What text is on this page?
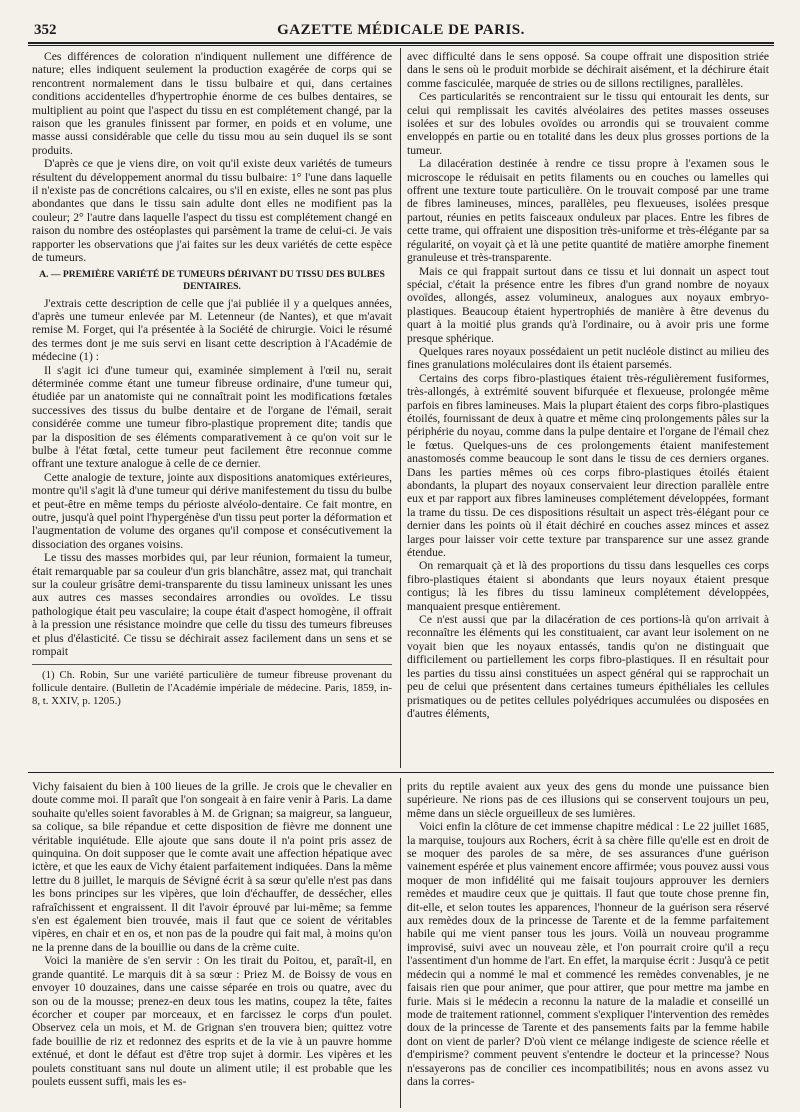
352	GAZETTE MÉDICALE DE PARIS.

Ces différences de coloration n'indiquent nullement une différence de nature; elles indiquent seulement la production exagérée de corps qui se rencontrent normalement dans le tissu bulbaire et qui, dans certaines conditions accidentelles d'hypertrophie énorme de ces bulbes dentaires, se multiplient au point que l'aspect du tissu en est complétement changé, par la raison que les granules finissent par former, en poids et en volume, une masse aussi considérable que celle du tissu mou au sein duquel ils se sont produits.

D'après ce que je viens dire, on voit qu'il existe deux variétés de tumeurs résultent du développement anormal du tissu bulbaire: 1° l'une dans laquelle il n'existe pas de concrétions calcaires, ou s'il en existe, elles ne sont pas plus abondantes que dans le tissu sain adulte dont elles ne modifient pas la couleur; 2° l'autre dans laquelle l'aspect du tissu est complétement changé en raison du nombre des ostéoplastes qui parsèment la trame de celui-ci. Je vais rapporter les observations que j'ai faites sur les deux variétés de cette espèce de tumeurs.

A. — PREMIÈRE VARIÉTÉ DE TUMEURS DÉRIVANT DU TISSU DES BULBES DENTAIRES.

J'extrais cette description de celle que j'ai publiée il y a quelques années, d'après une tumeur enlevée par M. Letenneur (de Nantes), et que m'avait remise M. Forget, qui l'a présentée à la Société de chirurgie. Voici le résumé des termes dont je me suis servi en lisant cette description à l'Académie de médecine (1) :

Il s'agit ici d'une tumeur qui, examinée simplement à l'œil nu, serait déterminée comme étant une tumeur fibreuse ordinaire, d'une tumeur qui, étudiée par un anatomiste qui ne connaîtrait point les modifications fœtales successives des tissus du bulbe dentaire et de l'organe de l'émail, serait considérée comme une tumeur fibro-plastique proprement dite; tandis que par la disposition de ses éléments comparativement à ce qu'on voit sur le bulbe à l'état fœtal, cette tumeur peut facilement être reconnue comme offrant une texture analogue à celle de ce dernier.

Cette analogie de texture, jointe aux dispositions anatomiques extérieures, montre qu'il s'agit là d'une tumeur qui dérive manifestement du tissu du bulbe et peut-être en même temps du périoste alvéolo-dentaire. Ce fait montre, en outre, jusqu'à quel point l'hypergénèse d'un tissu peut porter la déformation et l'augmentation de volume des organes qu'il compose et consécutivement la dissociation des organes voisins.

Le tissu des masses morbides qui, par leur réunion, formaient la tumeur, était remarquable par sa couleur d'un gris blanchâtre, assez mat, qui tranchait sur la couleur grisâtre demi-transparente du tissu lamineux unissant les unes aux autres ces masses secondaires arrondies ou ovoïdes. Le tissu pathologique était peu vasculaire; la coupe était d'aspect homogène, il offrait à la pression une résistance moindre que celle du tissu des tumeurs fibreuses et plus d'élasticité. Ce tissu se déchirait assez facilement dans un sens et se rompait

(1) Ch. Robin, Sur une variété particulière de tumeur fibreuse provenant du follicule dentaire. (Bulletin de l'Académie impériale de médecine. Paris, 1859, in-8, t. XXIV, p. 1205.)

avec difficulté dans le sens opposé. Sa coupe offrait une disposition striée dans le sens où le produit morbide se déchirait aisément, et la déchirure était comme fasciculée, marquée de stries ou de sillons rectilignes, parallèles.

Ces particularités se rencontraient sur le tissu qui entourait les dents, sur celui qui remplissait les cavités alvéolaires des petites masses osseuses isolées et sur des lobules ovoïdes ou arrondis qui se trouvaient comme enveloppés en partie ou en totalité dans les deux plus grosses portions de la tumeur.

La dilacération destinée à rendre ce tissu propre à l'examen sous le microscope le réduisait en petits filaments ou en couches ou lamelles qui offrent une texture toute particulière. On le trouvait composé par une trame de fibres lamineuses, minces, parallèles, peu flexueuses, isolées presque partout, réunies en petits faisceaux onduleux par places. Entre les fibres de cette trame, qui offraient une disposition très-uniforme et très-élégante par sa régularité, on voyait çà et là une petite quantité de matière amorphe finement granuleuse et très-transparente.

Mais ce qui frappait surtout dans ce tissu et lui donnait un aspect tout spécial, c'était la présence entre les fibres d'un grand nombre de noyaux ovoïdes, allongés, assez volumineux, analogues aux noyaux embryo-plastiques. Beaucoup étaient hypertrophiés de manière à être devenus du quart à la moitié plus grands qu'à l'ordinaire, ou à avoir pris une forme presque sphérique.

Quelques rares noyaux possédaient un petit nucléole distinct au milieu des fines granulations moléculaires dont ils étaient parsemés.

Certains des corps fibro-plastiques étaient très-régulièrement fusiformes, très-allongés, à extrémité souvent bifurquée et flexueuse, prolongée même parfois en fibres lamineuses. Mais la plupart étaient des corps fibro-plastiques étoilés, fournissant de deux à quatre et même cinq prolongements pâles sur la périphérie du noyau, comme dans la pulpe dentaire et l'organe de l'émail chez le fœtus. Quelques-uns de ces prolongements étaient manifestement anastomosés comme beaucoup le sont dans le tissu de ces derniers organes. Dans les parties mêmes où ces corps fibro-plastiques étoilés étaient abondants, la plupart des noyaux conservaient leur direction parallèle entre eux et par rapport aux fibres lamineuses complétement développées, formant la trame du tissu. De ces dispositions résultait un aspect très-élégant pour ce dernier dans les points où il était déchiré en couches assez minces et assez larges pour laisser voir cette texture par transparence sur une assez grande étendue.

On remarquait çà et là des proportions du tissu dans lesquelles ces corps fibro-plastiques étaient si abondants que leurs noyaux étaient presque contigus; là les fibres du tissu lamineux complétement développées, manquaient presque entièrement.

Ce n'est aussi que par la dilacération de ces portions-là qu'on arrivait à reconnaître les éléments qui les constituaient, car avant leur isolement on ne voyait bien que les noyaux entassés, tandis qu'on ne distinguait que difficilement ou partiellement les corps fibro-plastiques. Il en résultait pour les parties du tissu ainsi constituées un aspect général qui se rapprochait un peu de celui que présentent dans certaines tumeurs épithéliales les cellules prismatiques ou de petites cellules polyédriques accumulées ou disposées en d'autres éléments,

Vichy faisaient du bien à 100 lieues de la grille. Je crois que le chevalier en doute comme moi. Il paraît que l'on songeait à en faire venir à Paris. La dame souhaite qu'elles soient favorables à M. de Grignan; sa maigreur, sa langueur, sa colique, sa bile répandue et cette disposition de fièvre me donnent une véritable inquiétude. Elle ajoute que sans doute il n'a point pris assez de quinquina. On doit supposer que le comte avait une affection hépatique avec ictère, et que les eaux de Vichy étaient parfaitement indiquées. Dans la même lettre du 8 juillet, le marquis de Sévigné écrit à sa sœur qu'elle n'est pas dans les bons principes sur les vipères, que loin d'échauffer, de dessécher, elles rafraîchissent et engraissent. Il dit l'avoir éprouvé par lui-même; sa femme s'en est également bien trouvée, mais il faut que ce soient de véritables vipères, en chair et en os, et non pas de la poudre qui fait mal, à moins qu'on ne la prenne dans de la bouillie ou dans de la crème cuite.

Voici la manière de s'en servir : On les tirait du Poitou, et, paraît-il, en grande quantité. Le marquis dit à sa sœur : Priez M. de Boissy de vous en envoyer 10 douzaines, dans une caisse séparée en trois ou quatre, avec du son ou de la mousse; prenez-en deux tous les matins, coupez la tête, faites écorcher et couper par morceaux, et en farcissez le corps d'un poulet. Observez cela un mois, et M. de Grignan s'en trouvera bien; quittez votre fade bouillie de riz et redonnez des esprits et de la vie à un pauvre homme exténué, et dont le défaut est d'être trop sujet à dormir. Les vipères et les poulets constituant sans nul doute un aliment utile; il est probable que les poulets eussent suffi, mais les es-

prits du reptile avaient aux yeux des gens du monde une puissance bien supérieure. Ne rions pas de ces illusions qui se conservent toujours un peu, même dans un siècle orgueilleux de ses lumières.

Voici enfin la clôture de cet immense chapitre médical : Le 22 juillet 1685, la marquise, toujours aux Rochers, écrit à sa chère fille qu'elle est en droit de se moquer des paroles de sa mère, de ses assurances d'une guérison vainement espérée et plus vainement encore affirmée; vous pouvez aussi vous moquer de mon infidélité qui me faisait toujours approuver les derniers remèdes et maudire ceux que je quittais. Il faut que toute chose prenne fin, dit-elle, et selon toutes les apparences, l'honneur de la guérison sera réservé aux remèdes doux de la princesse de Tarente et de la femme parfaitement habile qui me vient panser tous les jours. Voilà un nouveau programme improvisé, suivi avec un nouveau zèle, et l'on pourrait croire qu'il a reçu l'assentiment d'un homme de l'art. En effet, la marquise écrit : Jusqu'à ce petit médecin qui a nommé le mal et commencé les remèdes convenables, je ne faisais rien que pour animer, que pour attirer, que pour mettre ma jambe en furie. Mais si le médecin a reconnu la nature de la maladie et conseillé un mode de traitement rationnel, comment s'expliquer l'intervention des remèdes doux de la princesse de Tarente et des pansements faits par la femme habile dont on vient de parler? D'où vient ce mélange indigeste de science réelle et d'empirisme? comment peuvent s'entendre le docteur et la princesse? Nous n'essayerons pas de concilier ces incompatibilités; nous en avons assez vu dans la corres-
